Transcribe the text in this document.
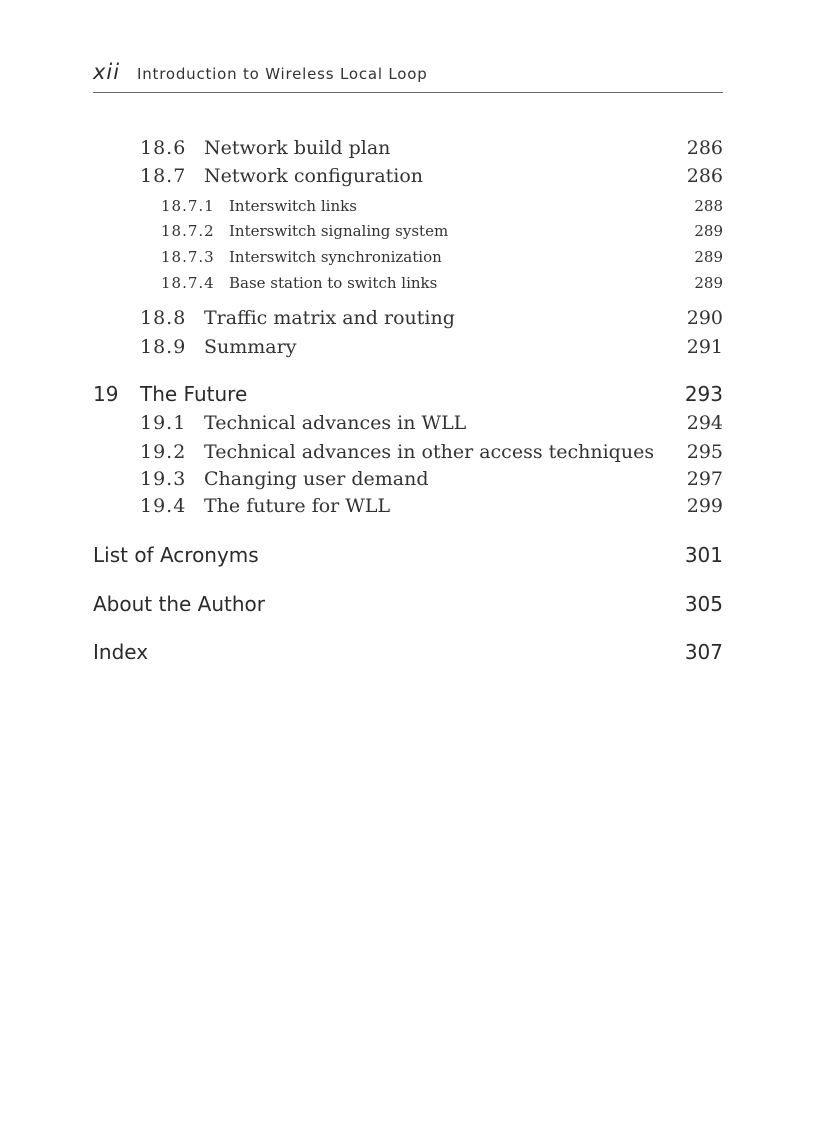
xii Introduction to Wireless Local Loop
18.6 Network build plan	286
18.7 Network configuration	286
18.7.1 Interswitch links	288
18.7.2 Interswitch signaling system	289
18.7.3 Interswitch synchronization	289
18.7.4 Base station to switch links	289
18.8 Traffic matrix and routing	290
18.9 Summary	291
19 The Future	293
19.1 Technical advances in WLL	294
19.2 Technical advances in other access techniques 295
19.3 Changing user demand	297
19.4 The future for WLL	299
List of Acronyms	301
About the Author	305
Index	307
